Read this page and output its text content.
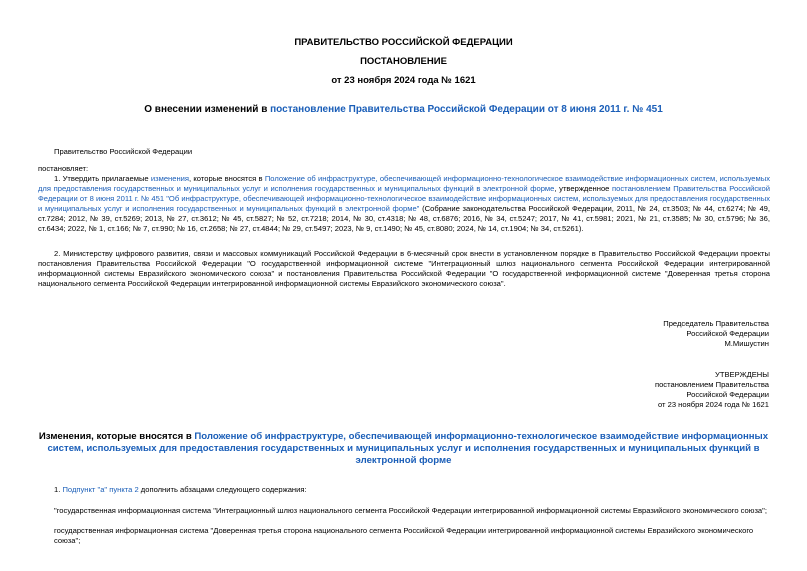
ПРАВИТЕЛЬСТВО РОССИЙСКОЙ ФЕДЕРАЦИИ
ПОСТАНОВЛЕНИЕ
от 23 ноября 2024 года № 1621
О внесении изменений в постановление Правительства Российской Федерации от 8 июня 2011 г. № 451
Правительство Российской Федерации
постановляет:
1. Утвердить прилагаемые изменения, которые вносятся в Положение об инфраструктуре, обеспечивающей информационно-технологическое взаимодействие информационных систем, используемых для предоставления государственных и муниципальных услуг и исполнения государственных и муниципальных функций в электронной форме, утвержденное постановлением Правительства Российской Федерации от 8 июня 2011 г. № 451 "Об инфраструктуре, обеспечивающей информационно-технологическое взаимодействие информационных систем, используемых для предоставления государственных и муниципальных услуг и исполнения государственных и муниципальных функций в электронной форме" (Собрание законодательства Российской Федерации, 2011, № 24, ст.3503; № 44, ст.6274; № 49, ст.7284; 2012, № 39, ст.5269; 2013, № 27, ст.3612; № 45, ст.5827; № 52, ст.7218; 2014, № 30, ст.4318; № 48, ст.6876; 2016, № 34, ст.5247; 2017, № 41, ст.5981; 2021, № 21, ст.3585; № 30, ст.5796; № 36, ст.6434; 2022, № 1, ст.166; № 7, ст.990; № 16, ст.2658; № 27, ст.4844; № 29, ст.5497; 2023, № 9, ст.1490; № 45, ст.8080; 2024, № 14, ст.1904; № 34, ст.5261).
2. Министерству цифрового развития, связи и массовых коммуникаций Российской Федерации в 6-месячный срок внести в установленном порядке в Правительство Российской Федерации проекты постановления Правительства Российской Федерации "О государственной информационной системе "Интеграционный шлюз национального сегмента Российской Федерации интегрированной информационной системы Евразийского экономического союза" и постановления Правительства Российской Федерации "О государственной информационной системе "Доверенная третья сторона национального сегмента Российской Федерации интегрированной информационной системы Евразийского экономического союза".
Председатель Правительства
Российской Федерации
М.Мишустин
УТВЕРЖДЕНЫ
постановлением Правительства
Российской Федерации
от 23 ноября 2024 года № 1621
Изменения, которые вносятся в Положение об инфраструктуре, обеспечивающей информационно-технологическое взаимодействие информационных систем, используемых для предоставления государственных и муниципальных услуг и исполнения государственных и муниципальных функций в электронной форме
1. Подпункт "а" пункта 2 дополнить абзацами следующего содержания:
"государственная информационная система "Интеграционный шлюз национального сегмента Российской Федерации интегрированной информационной системы Евразийского экономического союза";
государственная информационная система "Доверенная третья сторона национального сегмента Российской Федерации интегрированной информационной системы Евразийского экономического союза";
